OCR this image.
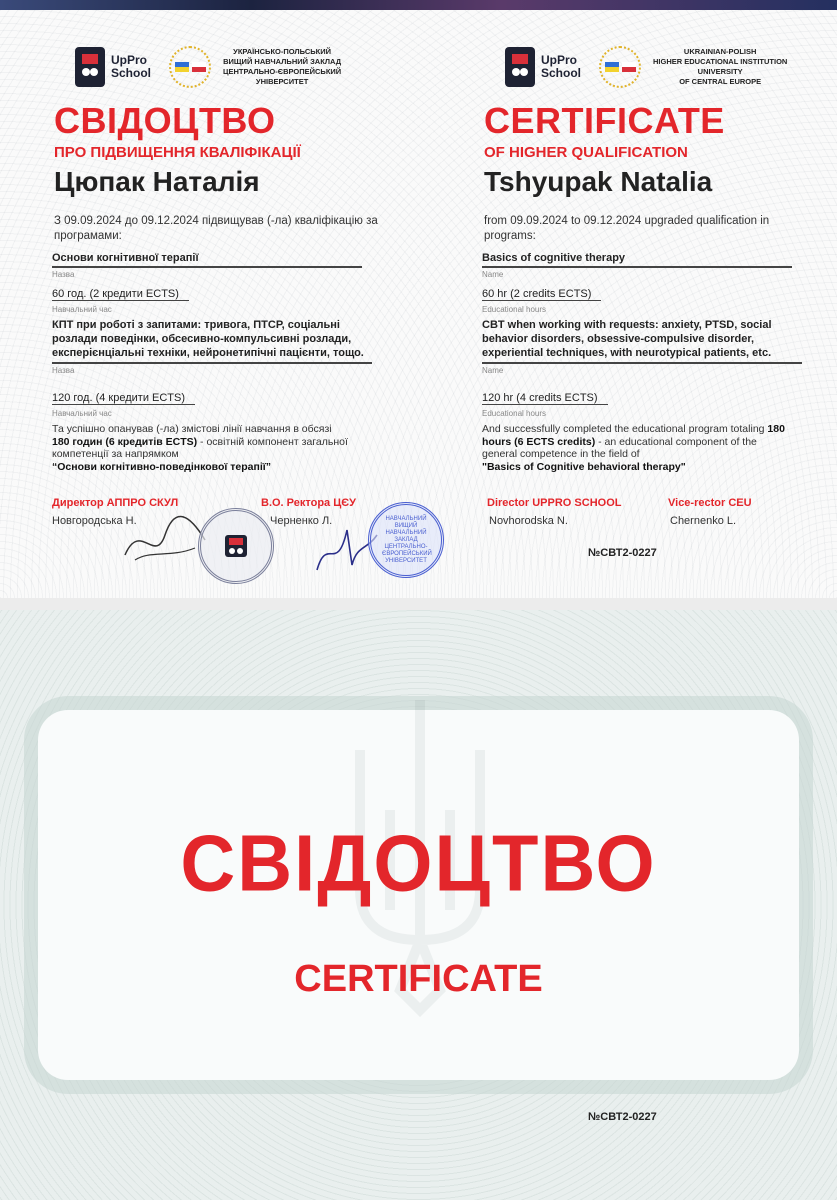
UpPro
School
УКРАЇНСЬКО-ПОЛЬСЬКИЙ
ВИЩИЙ НАВЧАЛЬНИЙ ЗАКЛАД
ЦЕНТРАЛЬНО-ЄВРОПЕЙСЬКИЙ
УНІВЕРСИТЕТ
СВІДОЦТВО
ПРО ПІДВИЩЕННЯ КВАЛІФІКАЦІЇ
Цюпак Наталія
З 09.09.2024 до 09.12.2024 підвищував (-ла) кваліфікацію за програмами:
Основи когнітивної терапії
Назва
60 год. (2 кредити ECTS)
Навчальний час
КПТ при роботі з запитами: тривога, ПТСР, соціальні розлади поведінки, обсесивно-компульсивні розлади, експерієнціальні техніки, нейронетипічні пацієнти, тощо.
Назва
120 год. (4 кредити ECTS)
Навчальний час
Та успішно опанував (-ла) змістові лінії навчання в обсязі
180 годин (6 кредитів ECTS) - освітній компонент загальної компетенції за напрямком
“Основи когнітивно-поведінкової терапії”
Директор АППРО СКУЛ
Новгородська Н.
В.О. Ректора ЦЄУ
Черненко Л.	НАВЧАЛЬНИЙ ВИЩИЙ НАВЧАЛЬНИЙ ЗАКЛАД ЦЕНТРАЛЬНО-ЄВРОПЕЙСЬКИЙ УНІВЕРСИТЕТ
UpPro
School
UKRAINIAN-POLISH
HIGHER EDUCATIONAL INSTITUTION
UNIVERSITY
OF CENTRAL EUROPE
CERTIFICATE
OF HIGHER QUALIFICATION
Tshyupak Natalia
from 09.09.2024 to 09.12.2024 upgraded qualification in programs:
Basics of cognitive therapy
Name
60 hr (2 credits ECTS)
Educational hours
CBT when working with requests: anxiety, PTSD, social behavior disorders, obsessive-compulsive disorder, experiential techniques, with neurotypical patients, etc.
Name
120 hr (4 credits ECTS)
Educational hours
And successfully completed the educational program totaling 180 hours (6 ECTS credits) - an educational component of the general competence in the field of
"Basics of Cognitive behavioral therapy"
Director UPPRO SCHOOL
Novhorodska N.
Vice-rector CEU
Chernenko L.
№СВТ2-0227
СВІДОЦТВО
CERTIFICATE
№СВТ2-0227
